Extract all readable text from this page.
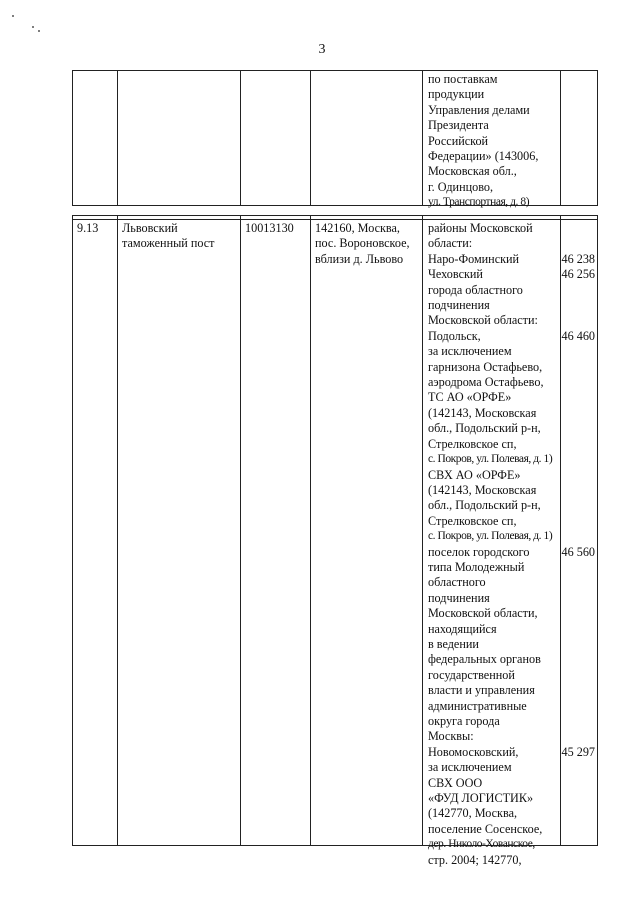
3
по поставкам
продукции
Управления делами
Президента
Российской
Федерации» (143006,
Московская обл.,
г. Одинцово,
ул. Транспортная, д. 8)
9.13 Львовский
таможенный пост
10013130 142160, Москва,
пос. Вороновское,
вблизи д. Львово
районы Московской
области:
Наро-Фоминский
Чеховский
города областного
подчинения
Московской области:
Подольск,
за исключением
гарнизона Остафьево,
аэродрома Остафьево,
ТС АО «ОРФЕ»
(142143, Московская
обл., Подольский р-н,
Стрелковское сп,
с. Покров, ул. Полевая, д. 1)
СВХ АО «ОРФЕ»
(142143, Московская
обл., Подольский р-н,
Стрелковское сп,
с. Покров, ул. Полевая, д. 1)
поселок городского
типа Молодежный
областного
подчинения
Московской области,
находящийся
в ведении
федеральных органов
государственной
власти и управления
административные
округа города
Москвы:
Новомосковский,
за исключением
СВХ ООО
«ФУД ЛОГИСТИК»
(142770, Москва,
поселение Сосенское,
дер. Николо-Хованское,
стр. 2004; 142770,

46 238
46 256

46 460

46 560

45 297
